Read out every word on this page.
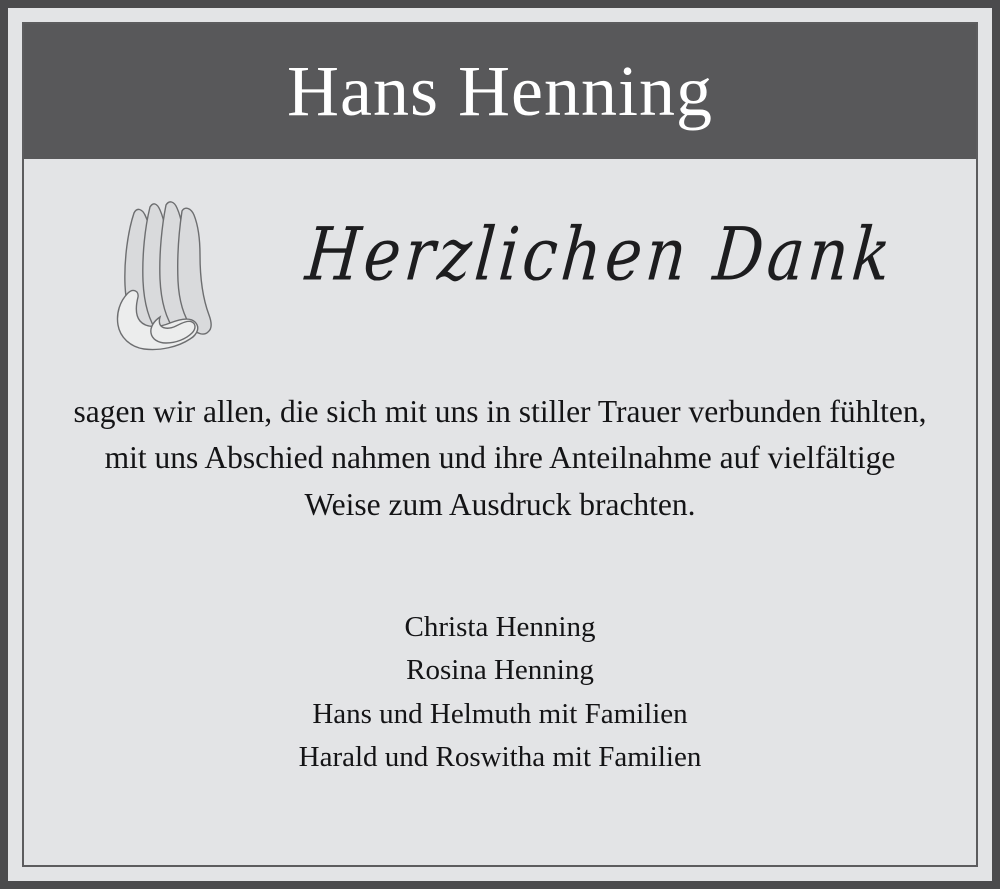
Hans Henning
Herzlichen Dank
sagen wir allen, die sich mit uns in stiller Trauer verbunden fühlten, mit uns Abschied nahmen und ihre Anteilnahme auf vielfältige Weise zum Ausdruck brachten.
Christa Henning
Rosina Henning
Hans und Helmuth mit Familien
Harald und Roswitha mit Familien
